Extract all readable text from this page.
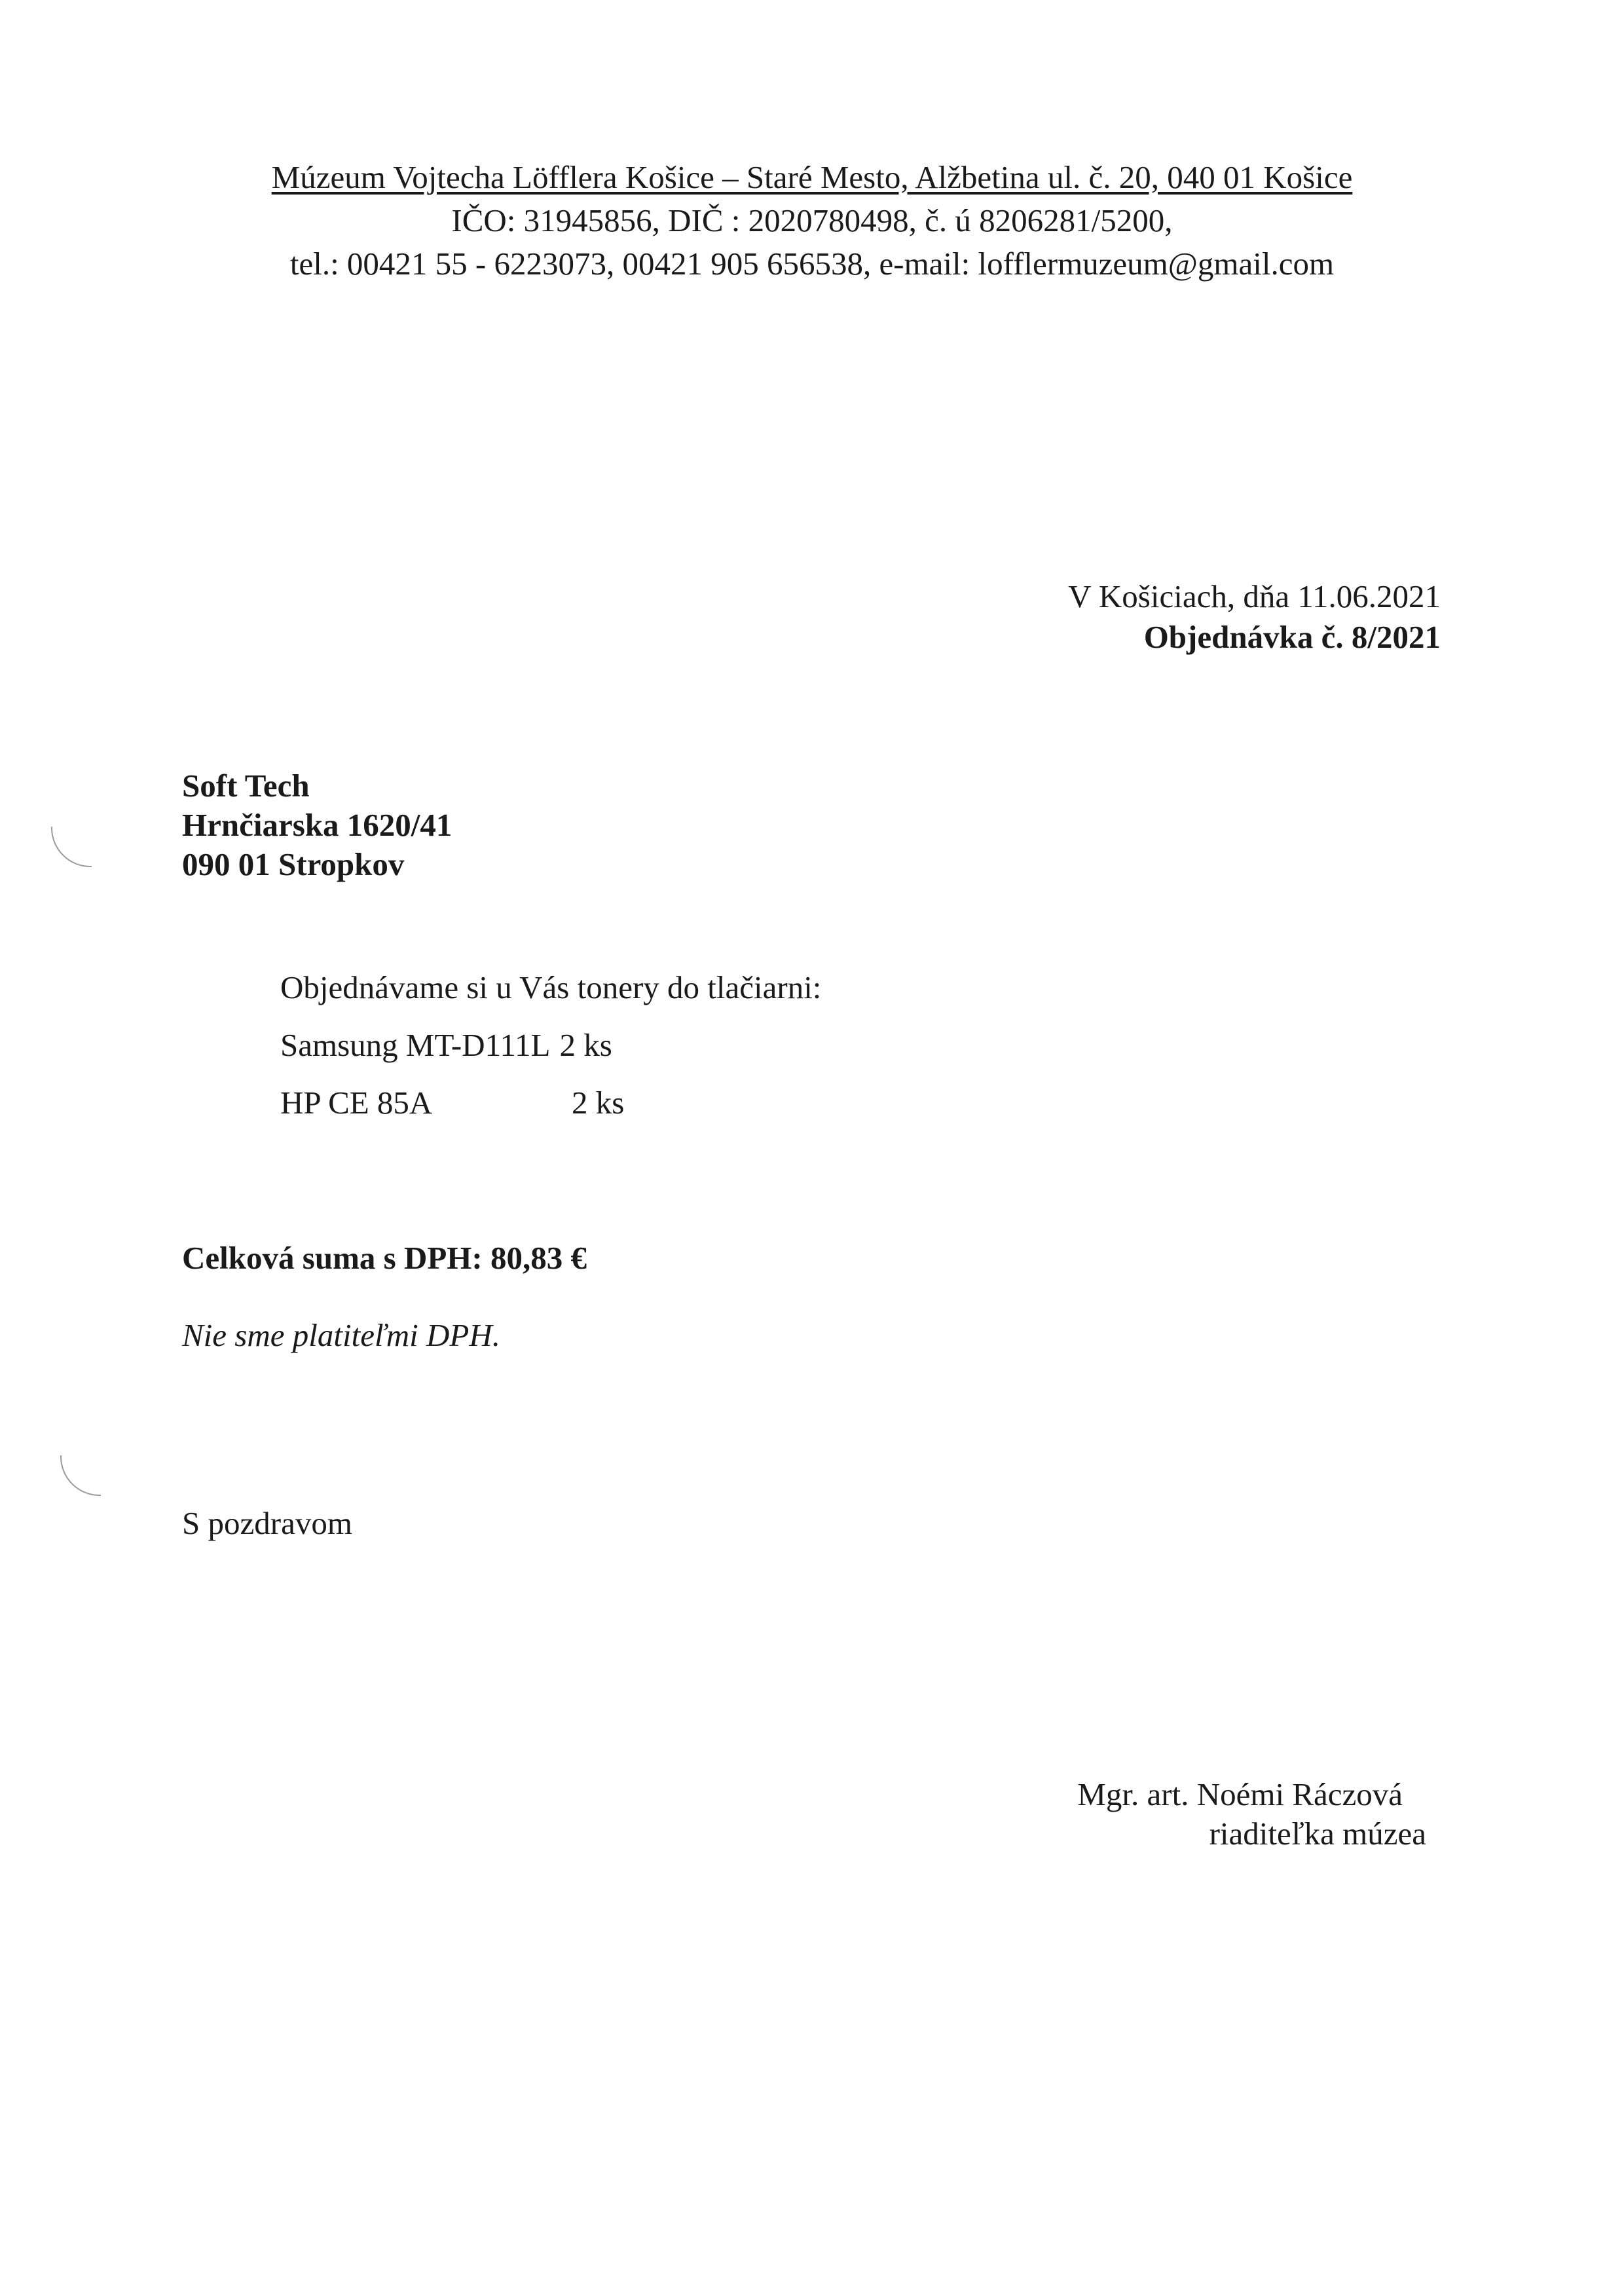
Múzeum Vojtecha Löfflera Košice – Staré Mesto, Alžbetina ul. č. 20, 040 01 Košice
IČO: 31945856, DIČ : 2020780498, č. ú 8206281/5200,
tel.: 00421 55 - 6223073, 00421 905 656538, e-mail: lofflermuzeum@gmail.com
V Košiciach, dňa 11.06.2021
Objednávka č. 8/2021
Soft Tech
Hrnčiarska 1620/41
090 01 Stropkov
Objednávame si u Vás tonery do tlačiarni:
Samsung MT-D111L 2 ks
HP CE 85A	2 ks
Celková suma s DPH: 80,83 €
Nie sme platiteľmi DPH.
S pozdravom
Mgr. art. Noémi Ráczová
riaditeľka múzea
